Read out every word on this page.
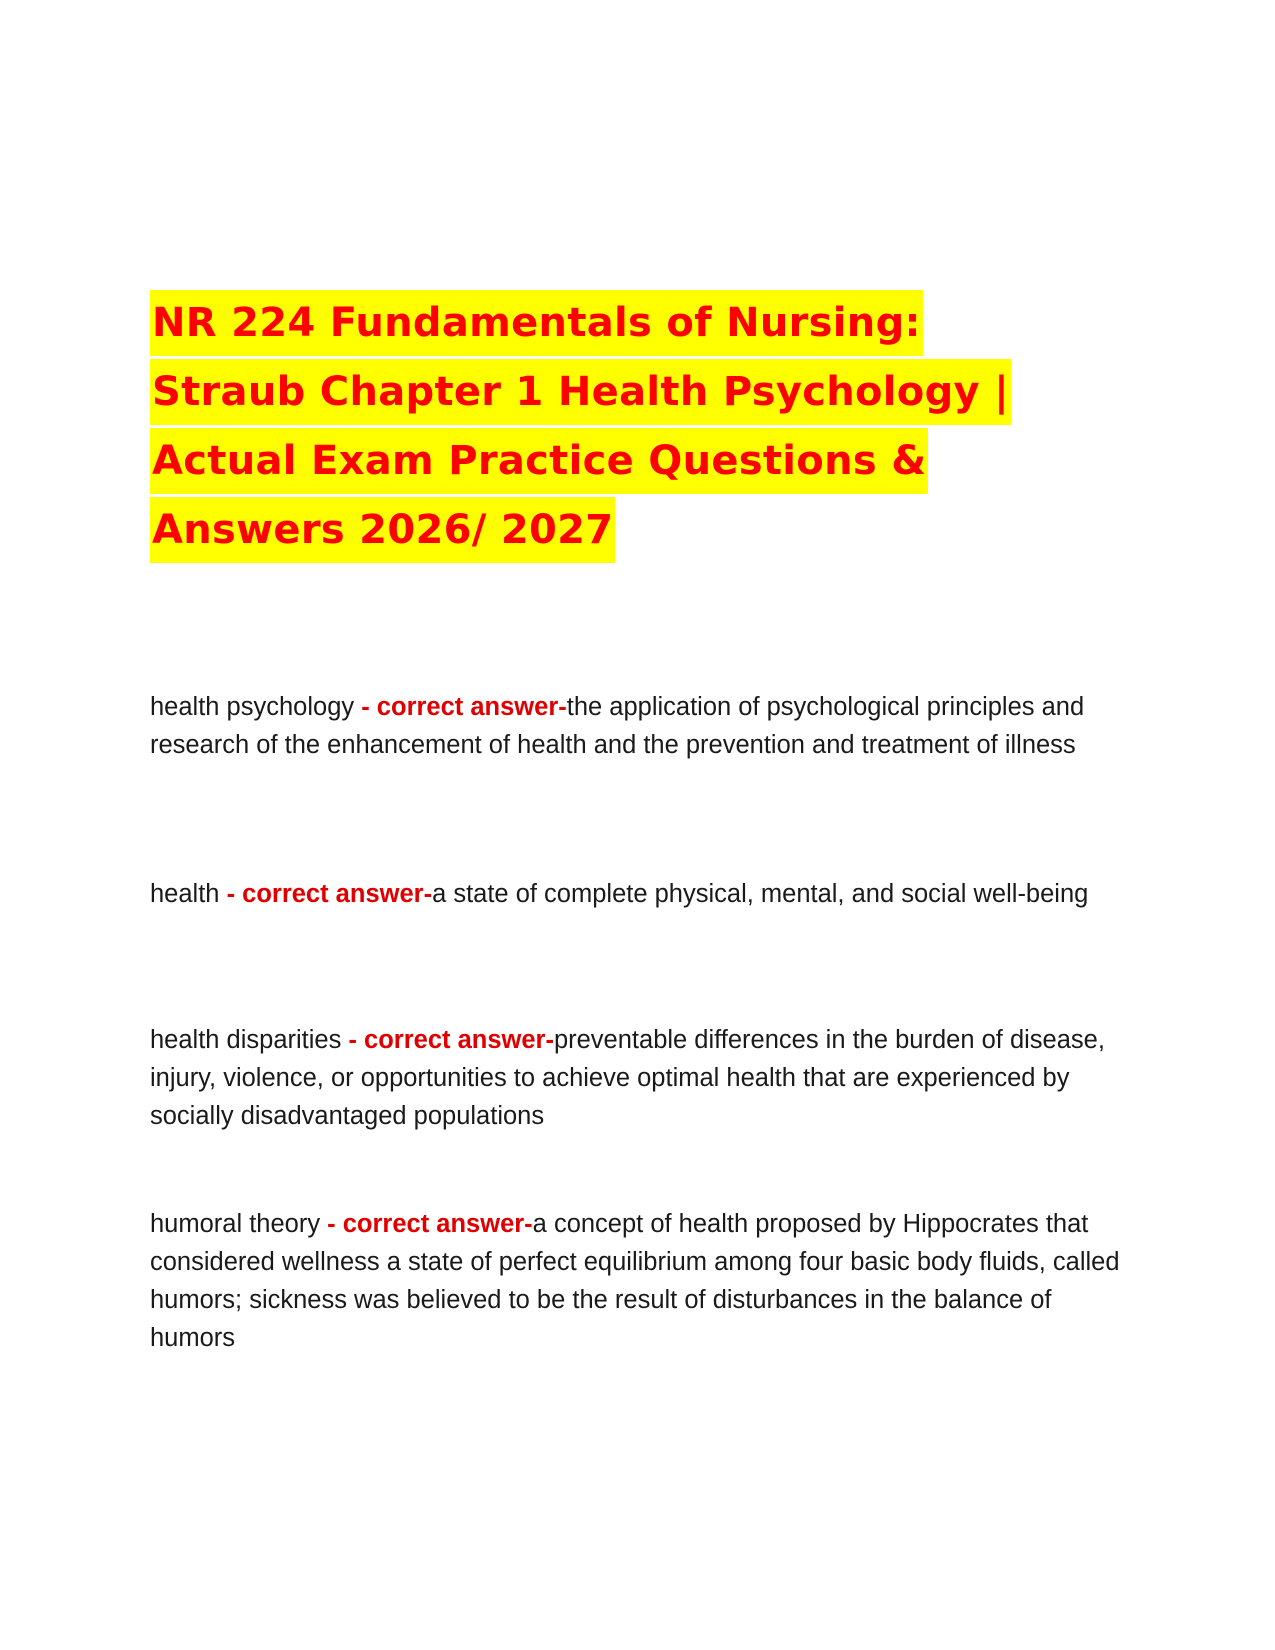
NR 224 Fundamentals of Nursing:
Straub Chapter 1 Health Psychology |
Actual Exam Practice Questions &
Answers 2026/ 2027

health psychology - correct answer-the application of psychological principles and research of the enhancement of health and the prevention and treatment of illness

health - correct answer-a state of complete physical, mental, and social well-being

health disparities - correct answer-preventable differences in the burden of disease, injury, violence, or opportunities to achieve optimal health that are experienced by socially disadvantaged populations

humoral theory - correct answer-a concept of health proposed by Hippocrates that considered wellness a state of perfect equilibrium among four basic body fluids, called humors; sickness was believed to be the result of disturbances in the balance of humors
